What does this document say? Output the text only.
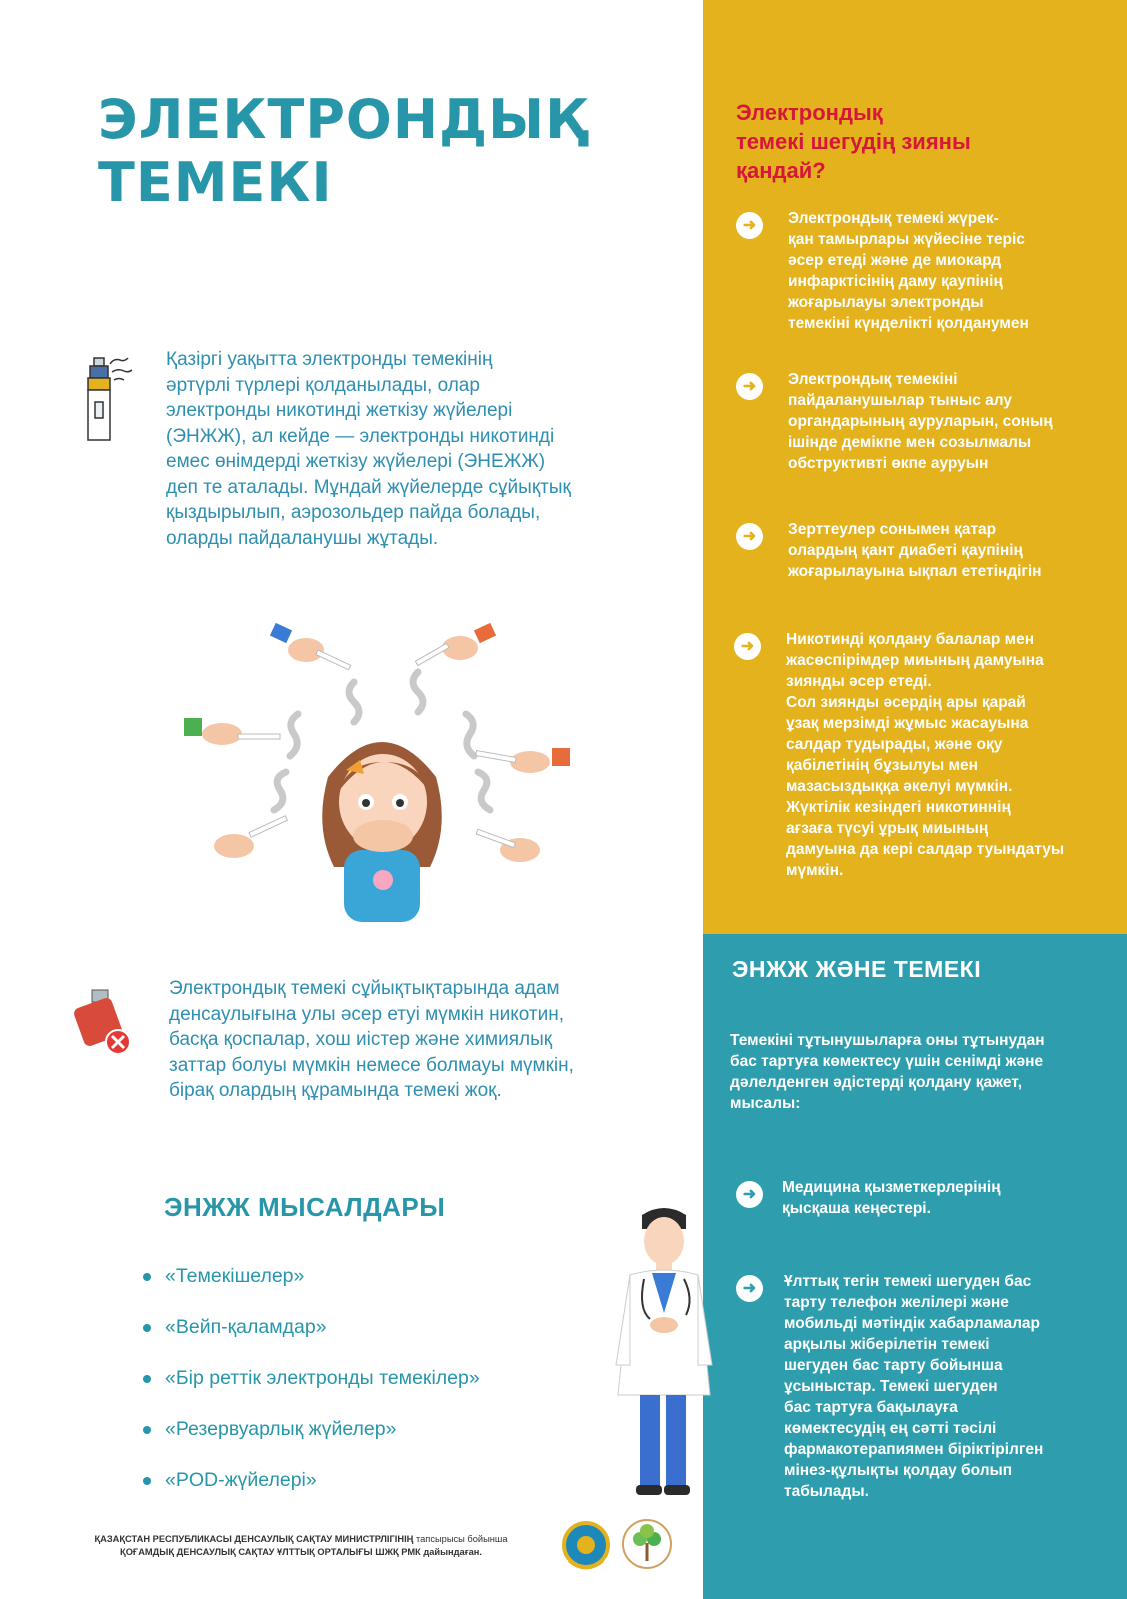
ЭЛЕКТРОНДЫҚ
ТЕМЕКІ
Қазіргі уақытта электронды темекінің
әртүрлі түрлері қолданылады, олар
электронды никотинді жеткізу жүйелері
(ЭНЖЖ), ал кейде — электронды никотинді
емес өнімдерді жеткізу жүйелері (ЭНЕЖЖ)
деп те аталады. Мұндай жүйелерде сұйықтық
қыздырылып, аэрозольдер пайда болады,
оларды пайдаланушы жұтады.
Электрондық темекі сұйықтықтарында адам
денсаулығына улы әсер етуі мүмкін никотин,
басқа қоспалар, хош иістер және химиялық
заттар болуы мүмкін немесе болмауы мүмкін,
бірақ олардың құрамында темекі жоқ.
ЭНЖЖ МЫСАЛДАРЫ
«Темекішелер»
«Вейп-қаламдар»
«Бір реттік электронды темекілер»
«Резервуарлық жүйелер»
«POD-жүйелері»
ҚАЗАҚСТАН РЕСПУБЛИКАСЫ ДЕНСАУЛЫҚ САҚТАУ МИНИСТРЛІГІНІҢ тапсырысы бойынша
ҚОҒАМДЫҚ ДЕНСАУЛЫҚ САҚТАУ ҰЛТТЫҚ ОРТАЛЫҒЫ ШЖҚ РМК дайындаған.
Электрондық
темекі шегудің зияны
қандай?
➜	Электрондық темекі жүрек-
қан тамырлары жүйесіне теріс
әсер етеді және де миокард
инфарктісінің даму қаупінің
жоғарылауы электронды
темекіні күнделікті қолданумен
➜	Электрондық темекіні
пайдаланушылар тыныс алу
органдарының ауруларын, соның
ішінде демікпе мен созылмалы
обструктивті өкпе ауруын
➜	Зерттеулер сонымен қатар
олардың қант диабеті қаупінің
жоғарылауына ықпал ететіндігін
➜	Никотинді қолдану балалар мен
жасөспірімдер миының дамуына
зиянды әсер етеді.
Сол зиянды әсердің ары қарай
ұзақ мерзімді жұмыс жасауына
салдар тудырады, және оқу
қабілетінің бұзылуы мен
мазасыздыққа әкелуі мүмкін.
Жүктілік кезіндегі никотиннің
ағзаға түсуі ұрық миының
дамуына да кері салдар туындатуы
мүмкін.
ЭНЖЖ ЖӘНЕ ТЕМЕКІ
Темекіні тұтынушыларға оны тұтынудан
бас тартуға көмектесу үшін сенімді және
дәлелденген әдістерді қолдану қажет,
мысалы:
➜	Медицина қызметкерлерінің
қысқаша кеңестері.
➜	Ұлттық тегін темекі шегуден бас
тарту телефон желілері және
мобильді мәтіндік хабарламалар
арқылы жіберілетін темекі
шегуден бас тарту бойынша
ұсыныстар. Темекі шегуден
бас тартуға бақылауға
көмектесудің ең сәтті тәсілі
фармакотерапиямен біріктірілген
мінез-құлықты қолдау болып
табылады.
